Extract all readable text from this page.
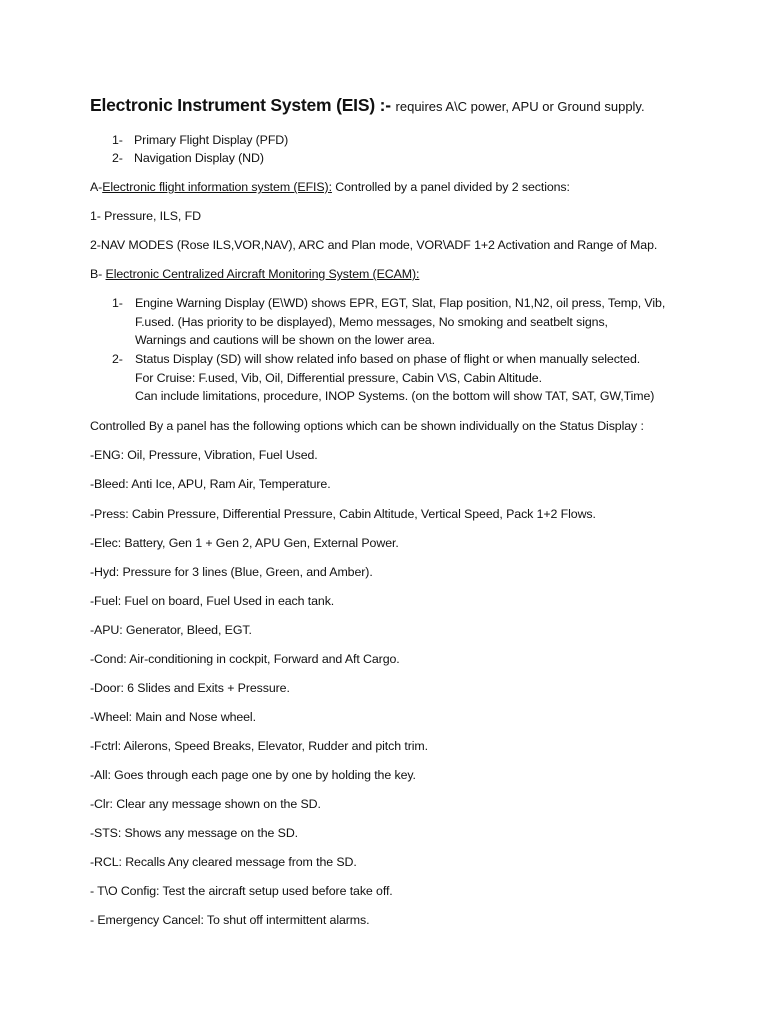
Electronic Instrument System (EIS) :- requires A\C power, APU or Ground supply.
1- Primary Flight Display (PFD)
2- Navigation Display (ND)
A-Electronic flight information system (EFIS): Controlled by a panel divided by 2 sections:
1- Pressure, ILS, FD
2-NAV MODES (Rose ILS,VOR,NAV), ARC and Plan mode, VOR\ADF 1+2 Activation and Range of Map.
B- Electronic Centralized Aircraft Monitoring System (ECAM):
1- Engine Warning Display (E\WD) shows EPR, EGT, Slat, Flap position, N1,N2, oil press, Temp, Vib,
F.used. (Has priority to be displayed), Memo messages, No smoking and seatbelt signs,
Warnings and cautions will be shown on the lower area.
2- Status Display (SD) will show related info based on phase of flight or when manually selected.
For Cruise: F.used, Vib, Oil, Differential pressure, Cabin V\S, Cabin Altitude.
Can include limitations, procedure, INOP Systems. (on the bottom will show TAT, SAT, GW,Time)
Controlled By a panel has the following options which can be shown individually on the Status Display :
-ENG: Oil, Pressure, Vibration, Fuel Used.
-Bleed: Anti Ice, APU, Ram Air, Temperature.
-Press: Cabin Pressure, Differential Pressure, Cabin Altitude, Vertical Speed, Pack 1+2 Flows.
-Elec: Battery, Gen 1 + Gen 2, APU Gen, External Power.
-Hyd: Pressure for 3 lines (Blue, Green, and Amber).
-Fuel: Fuel on board, Fuel Used in each tank.
-APU: Generator, Bleed, EGT.
-Cond: Air-conditioning in cockpit, Forward and Aft Cargo.
-Door: 6 Slides and Exits + Pressure.
-Wheel: Main and Nose wheel.
-Fctrl: Ailerons, Speed Breaks, Elevator, Rudder and pitch trim.
-All: Goes through each page one by one by holding the key.
-Clr: Clear any message shown on the SD.
-STS: Shows any message on the SD.
-RCL: Recalls Any cleared message from the SD.
- T\O Config: Test the aircraft setup used before take off.
- Emergency Cancel: To shut off intermittent alarms.
